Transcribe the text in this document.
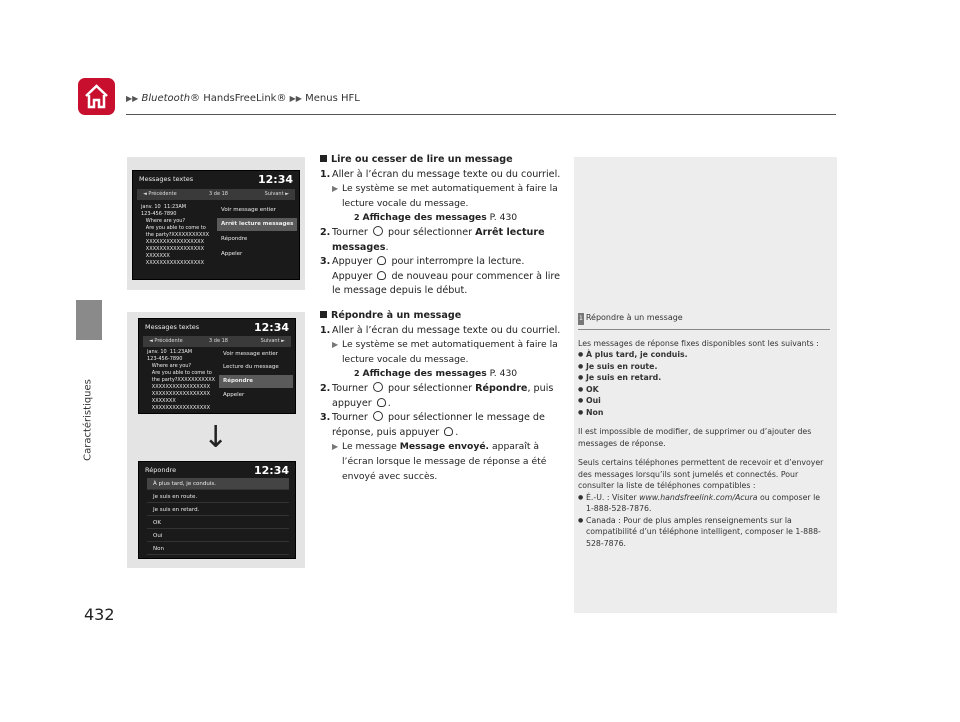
▶▶ Bluetooth® HandsFreeLink® ▶▶ Menus HFL
Caractéristiques
432
Messages textes	12:34
◄ Précédente	3 de 18	Suivant ►
janv. 10  11:23AM
123-456-7890
Where are you?
Are you able to come to
the party?XXXXXXXXXXX
XXXXXXXXXXXXXXXXX
XXXXXXXXXXXXXXXXX
XXXXXXX
XXXXXXXXXXXXXXXXX
Voir message entier
Arrêt lecture messages
Répondre
Appeler
Messages textes	12:34
◄ Précédente	3 de 18	Suivant ►
janv. 10  11:23AM
123-456-7890
Where are you?
Are you able to come to
the party?XXXXXXXXXXX
XXXXXXXXXXXXXXXXX
XXXXXXXXXXXXXXXXX
XXXXXXX
XXXXXXXXXXXXXXXXX
Voir message entier
Lecture du message
Répondre
Appeler
↓
Répondre	12:34
À plus tard, je conduis.
Je suis en route.
Je suis en retard.
OK
Oui
Non
Lire ou cesser de lire un message
1. Aller à l’écran du message texte ou du courriel.
▶ Le système se met automatiquement à faire la
lecture vocale du message.
2 Affichage des messages P. 430
2. Tourner  pour sélectionner Arrêt lecture
messages.
3. Appuyer  pour interrompre la lecture.
Appuyer  de nouveau pour commencer à lire
le message depuis le début.
Répondre à un message
1. Aller à l’écran du message texte ou du courriel.
▶ Le système se met automatiquement à faire la
lecture vocale du message.
2 Affichage des messages P. 430
2. Tourner  pour sélectionner Répondre, puis
appuyer .
3. Tourner  pour sélectionner le message de
réponse, puis appuyer .
▶ Le message Message envoyé. apparaît à
l’écran lorsque le message de réponse a été
envoyé avec succès.
1 Répondre à un message
Les messages de réponse fixes disponibles sont les suivants :
● À plus tard, je conduis.
● Je suis en route.
● Je suis en retard.
● OK
● Oui

● Non

Il est impossible de modifier, de supprimer ou d’ajouter des messages de réponse.

Seuls certains téléphones permettent de recevoir et d’envoyer des messages lorsqu’ils sont jumelés et connectés. Pour consulter la liste de téléphones compatibles :

● É.-U. : Visiter www.handsfreelink.com/Acura ou composer le 1-888-528-7876.
● Canada : Pour de plus amples renseignements sur la compatibilité d’un téléphone intelligent, composer le 1-888-528-7876.
